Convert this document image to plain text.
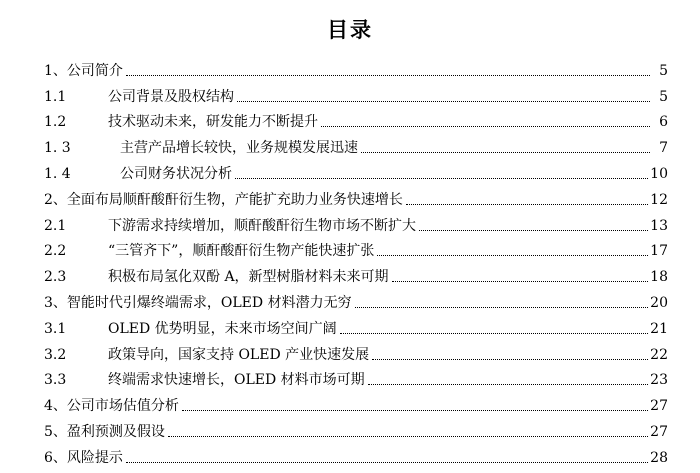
目录
1、公司简介	5
1.1	公司背景及股权结构	5
1.2	技术驱动未来，研发能力不断提升	6
1. 3	主营产品增长较快，业务规模发展迅速	7
1. 4	公司财务状况分析	10
2、全面布局顺酐酸酐衍生物，产能扩充助力业务快速增长	12
2.1	下游需求持续增加，顺酐酸酐衍生物市场不断扩大	13
2.2	“三管齐下”，顺酐酸酐衍生物产能快速扩张	17
2.3	积极布局氢化双酚 A，新型树脂材料未来可期	18
3、智能时代引爆终端需求，OLED 材料潜力无穷	20
3.1	OLED 优势明显，未来市场空间广阔	21
3.2	政策导向，国家支持 OLED 产业快速发展	22
3.3	终端需求快速增长，OLED 材料市场可期	23
4、公司市场估值分析	27
5、盈利预测及假设	27
6、风险提示	28
